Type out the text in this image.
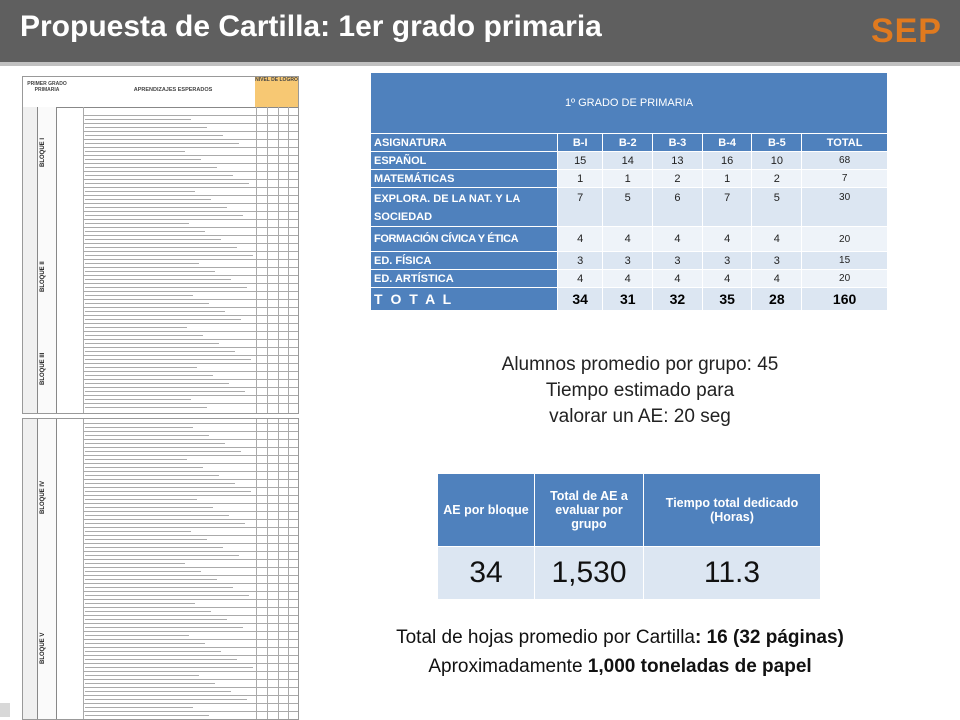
Propuesta de Cartilla: 1er grado primaria	SEP
PRIMER GRADO PRIMARIA	APRENDIZAJES ESPERADOS
NIVEL DE LOGRO
BLOQUE I
BLOQUE II
BLOQUE III
BLOQUE IV
BLOQUE V
1º GRADO DE PRIMARIA						
ASIGNATURA	B-I	B-2	B-3	B-4	B-5	TOTAL
ESPAÑOL	15	14	13	16	10	68
MATEMÁTICAS	1	1	2	1	2	7
EXPLORA. DE LA NAT. Y LA SOCIEDAD	7	5	6	7	5	30
FORMACIÓN CÍVICA Y ÉTICA	4	4	4	4	4	20
ED. FÍSICA	3	3	3	3	3	15
ED. ARTÍSTICA	4	4	4	4	4	20
T O T A L	34	31	32	35	28	160
Alumnos promedio por grupo: 45
Tiempo estimado para
valorar un AE: 20 seg
AE por bloque	Total de AE a evaluar por grupo	Tiempo total dedicado (Horas)
34	1,530	11.3
Total de hojas promedio por Cartilla: 16 (32 páginas)
Aproximadamente 1,000 toneladas de papel
